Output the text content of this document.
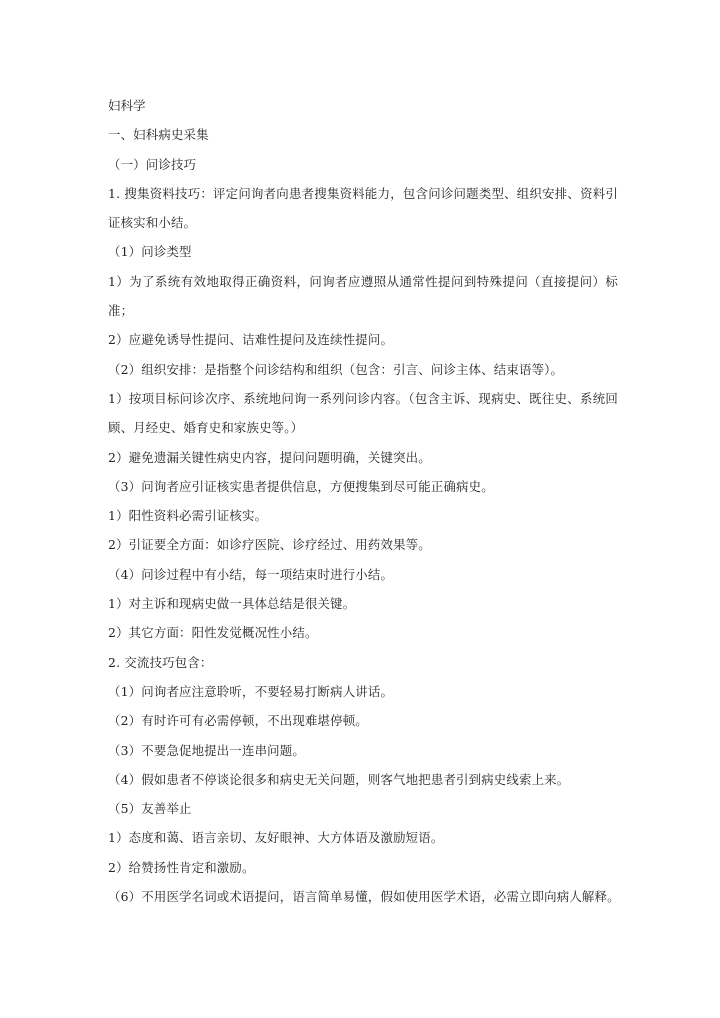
妇科学
一、妇科病史采集
（一）问诊技巧
1. 搜集资料技巧：评定问询者向患者搜集资料能力，包含问诊问题类型、组织安排、资料引证核实和小结。
（1）问诊类型
1）为了系统有效地取得正确资料，问询者应遵照从通常性提问到特殊提问（直接提问）标准；
2）应避免诱导性提问、诘难性提问及连续性提问。
（2）组织安排：是指整个问诊结构和组织（包含：引言、问诊主体、结束语等）。
1）按项目标问诊次序、系统地问询一系列问诊内容。（包含主诉、现病史、既往史、系统回顾、月经史、婚育史和家族史等。）
2）避免遗漏关键性病史内容，提问问题明确，关键突出。
（3）问询者应引证核实患者提供信息，方便搜集到尽可能正确病史。
1）阳性资料必需引证核实。
2）引证要全方面：如诊疗医院、诊疗经过、用药效果等。
（4）问诊过程中有小结，每一项结束时进行小结。
1）对主诉和现病史做一具体总结是很关键。
2）其它方面：阳性发觉概况性小结。
2. 交流技巧包含：
（1）问询者应注意聆听，不要轻易打断病人讲话。
（2）有时许可有必需停顿，不出现难堪停顿。
（3）不要急促地提出一连串问题。
（4）假如患者不停谈论很多和病史无关问题，则客气地把患者引到病史线索上来。
（5）友善举止
1）态度和蔼、语言亲切、友好眼神、大方体语及激励短语。
2）给赞扬性肯定和激励。
（6）不用医学名词或术语提问，语言简单易懂，假如使用医学术语，必需立即向病人解释。
